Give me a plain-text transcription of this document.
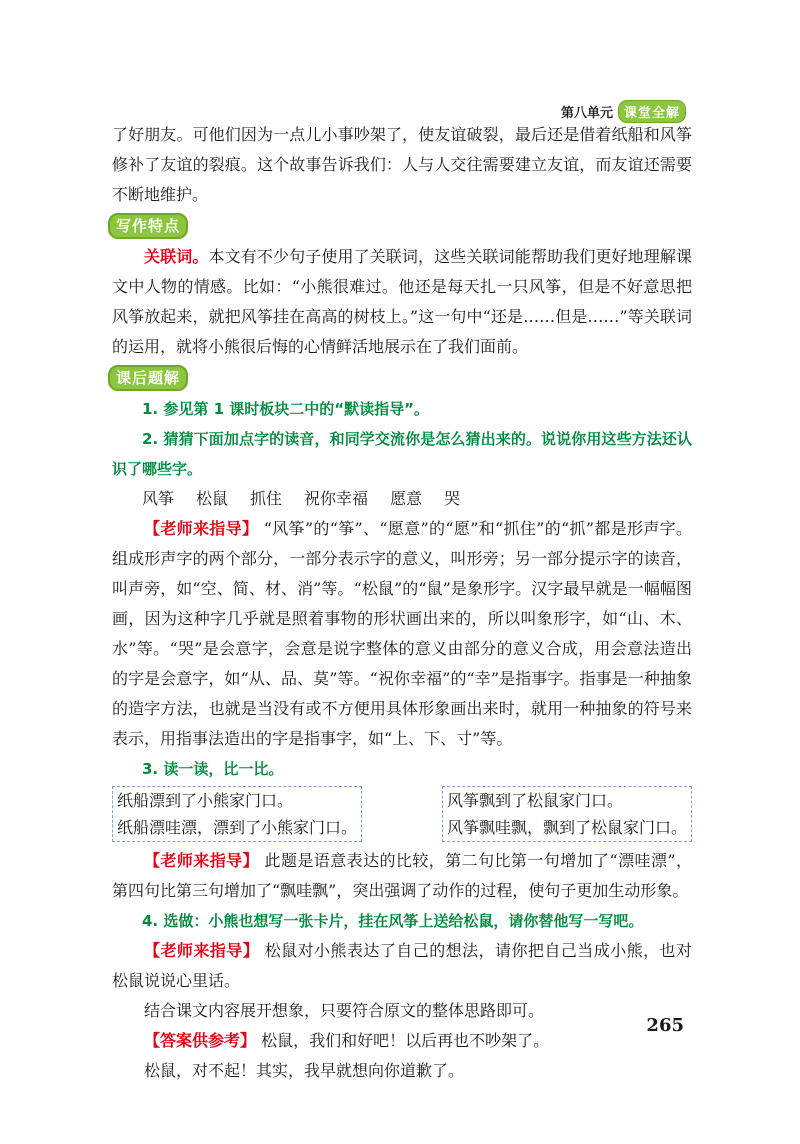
第八单元 课堂全解

了好朋友。可他们因为一点儿小事吵架了，使友谊破裂，最后还是借着纸船和风筝修补了友谊的裂痕。这个故事告诉我们：人与人交往需要建立友谊，而友谊还需要不断地维护。

写作特点

关联词。本文有不少句子使用了关联词，这些关联词能帮助我们更好地理解课文中人物的情感。比如：“小熊很难过。他还是每天扎一只风筝，但是不好意思把风筝放起来，就把风筝挂在高高的树枝上。”这一句中“还是……但是……”等关联词的运用，就将小熊很后悔的心情鲜活地展示在了我们面前。

课后题解

1. 参见第 1 课时板块二中的“默读指导”。

2. 猜猜下面加点字的读音，和同学交流你是怎么猜出来的。说说你用这些方法还认识了哪些字。

风筝 松鼠 抓住 祝你幸福 愿意 哭

【老师来指导】 “风筝”的“筝”、“愿意”的“愿”和“抓住”的“抓”都是形声字。组成形声字的两个部分，一部分表示字的意义，叫形旁；另一部分提示字的读音，叫声旁，如“空、简、材、消”等。“松鼠”的“鼠”是象形字。汉字最早就是一幅幅图画，因为这种字几乎就是照着事物的形状画出来的，所以叫象形字，如“山、木、水”等。“哭”是会意字，会意是说字整体的意义由部分的意义合成，用会意法造出的字是会意字，如“从、品、莫”等。“祝你幸福”的“幸”是指事字。指事是一种抽象的造字方法，也就是当没有或不方便用具体形象画出来时，就用一种抽象的符号来表示，用指事法造出的字是指事字，如“上、下、寸”等。

3. 读一读，比一比。

纸船漂到了小熊家门口。
纸船漂哇漂，漂到了小熊家门口。
风筝飘到了松鼠家门口。
风筝飘哇飘，飘到了松鼠家门口。

【老师来指导】 此题是语意表达的比较，第二句比第一句增加了“漂哇漂”，第四句比第三句增加了“飘哇飘”，突出强调了动作的过程，使句子更加生动形象。

4. 选做：小熊也想写一张卡片，挂在风筝上送给松鼠，请你替他写一写吧。

【老师来指导】 松鼠对小熊表达了自己的想法，请你把自己当成小熊，也对松鼠说说心里话。

结合课文内容展开想象，只要符合原文的整体思路即可。

【答案供参考】 松鼠，我们和好吧！以后再也不吵架了。

松鼠，对不起！其实，我早就想向你道歉了。

265
